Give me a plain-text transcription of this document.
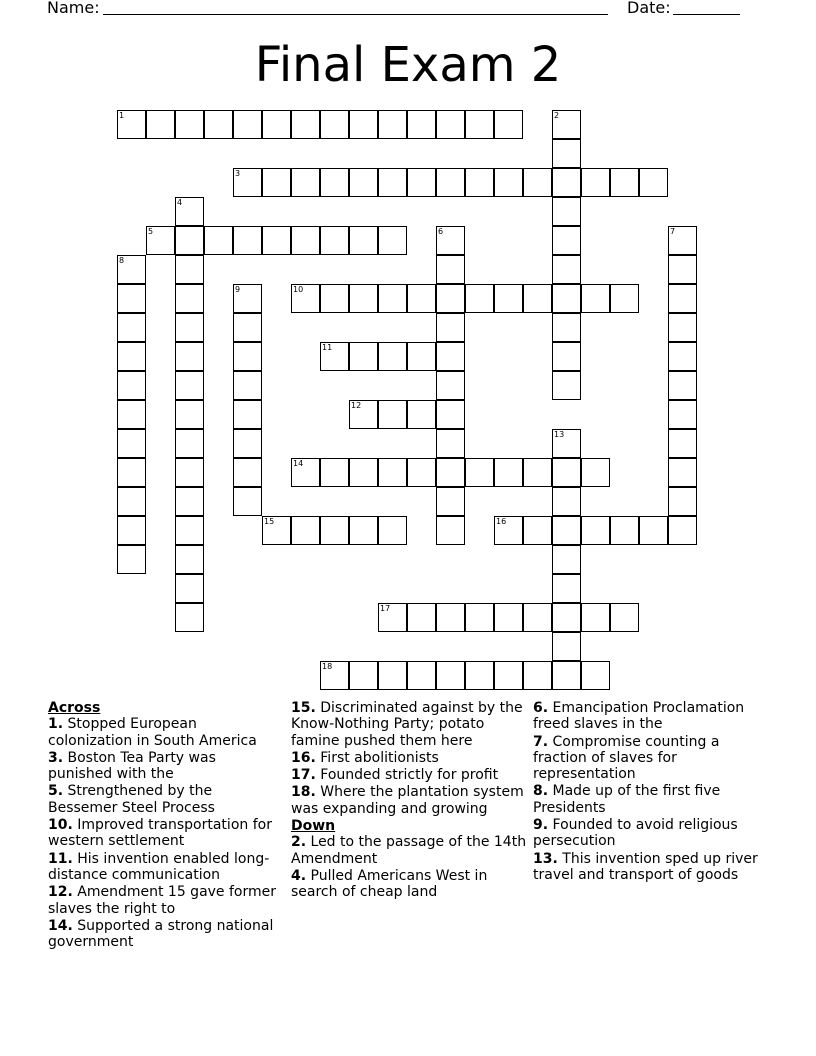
Name:	Date:
Final Exam 2
1	2
3
4
5	6	7
8
9	10
11
12
13
14
15	16
17
18
Across
1. Stopped European colonization in South America
3. Boston Tea Party was punished with the
5. Strengthened by the Bessemer Steel Process
10. Improved transportation for western settlement
11. His invention enabled long-distance communication
12. Amendment 15 gave former slaves the right to
14. Supported a strong national government
15. Discriminated against by the Know-Nothing Party; potato famine pushed them here
16. First abolitionists
17. Founded strictly for profit
18. Where the plantation system was expanding and growing
Down
2. Led to the passage of the 14th Amendment
4. Pulled Americans West in search of cheap land
6. Emancipation Proclamation freed slaves in the
7. Compromise counting a fraction of slaves for representation
8. Made up of the first five Presidents
9. Founded to avoid religious persecution
13. This invention sped up river travel and transport of goods
